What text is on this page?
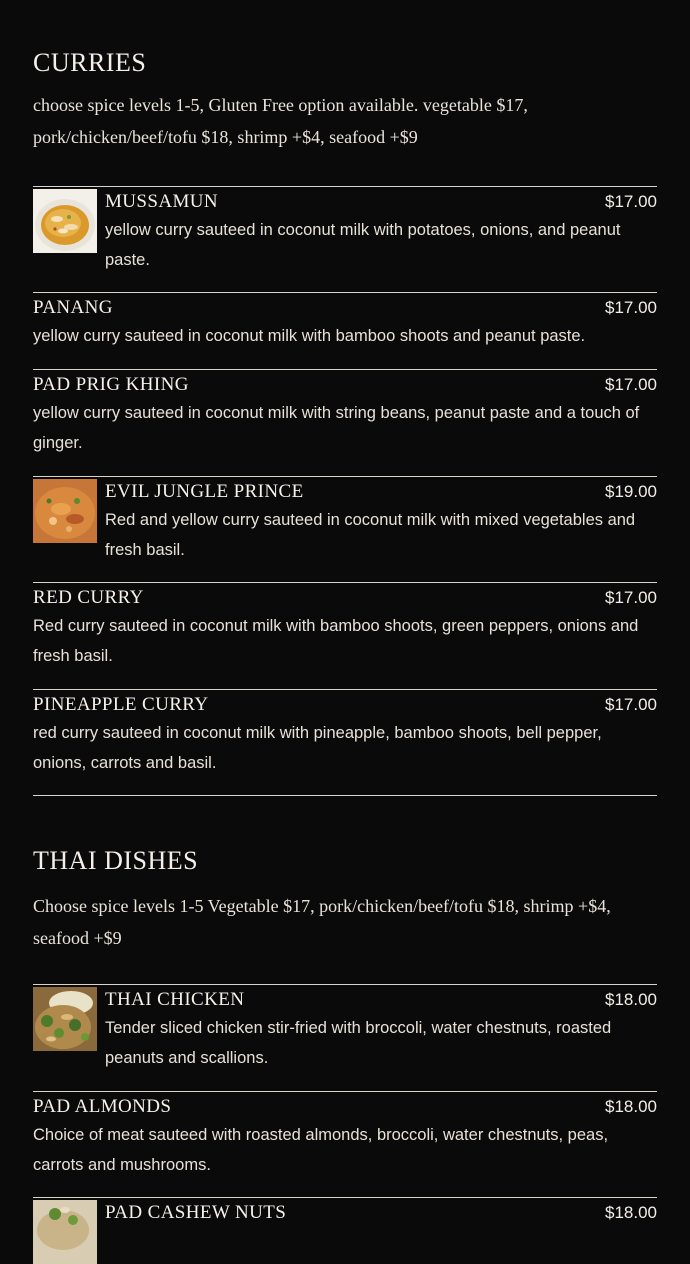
CURRIES

choose spice levels 1-5, Gluten Free option available. vegetable $17, pork/chicken/beef/tofu $18, shrimp +$4, seafood +$9

MUSSAMUN	$17.00

yellow curry sauteed in coconut milk with potatoes, onions, and peanut paste.

PANANG	$17.00

yellow curry sauteed in coconut milk with bamboo shoots and peanut paste.

PAD PRIG KHING	$17.00

yellow curry sauteed in coconut milk with string beans, peanut paste and a touch of ginger.

EVIL JUNGLE PRINCE	$19.00

Red and yellow curry sauteed in coconut milk with mixed vegetables and fresh basil.

RED CURRY	$17.00

Red curry sauteed in coconut milk with bamboo shoots, green peppers, onions and fresh basil.

PINEAPPLE CURRY	$17.00

red curry sauteed in coconut milk with pineapple, bamboo shoots, bell pepper, onions, carrots and basil.

THAI DISHES

Choose spice levels 1-5 Vegetable $17, pork/chicken/beef/tofu $18, shrimp +$4, seafood +$9

THAI CHICKEN	$18.00

Tender sliced chicken stir-fried with broccoli, water chestnuts, roasted peanuts and scallions.

PAD ALMONDS	$18.00

Choice of meat sauteed with roasted almonds, broccoli, water chestnuts, peas, carrots and mushrooms.

PAD CASHEW NUTS	$18.00
